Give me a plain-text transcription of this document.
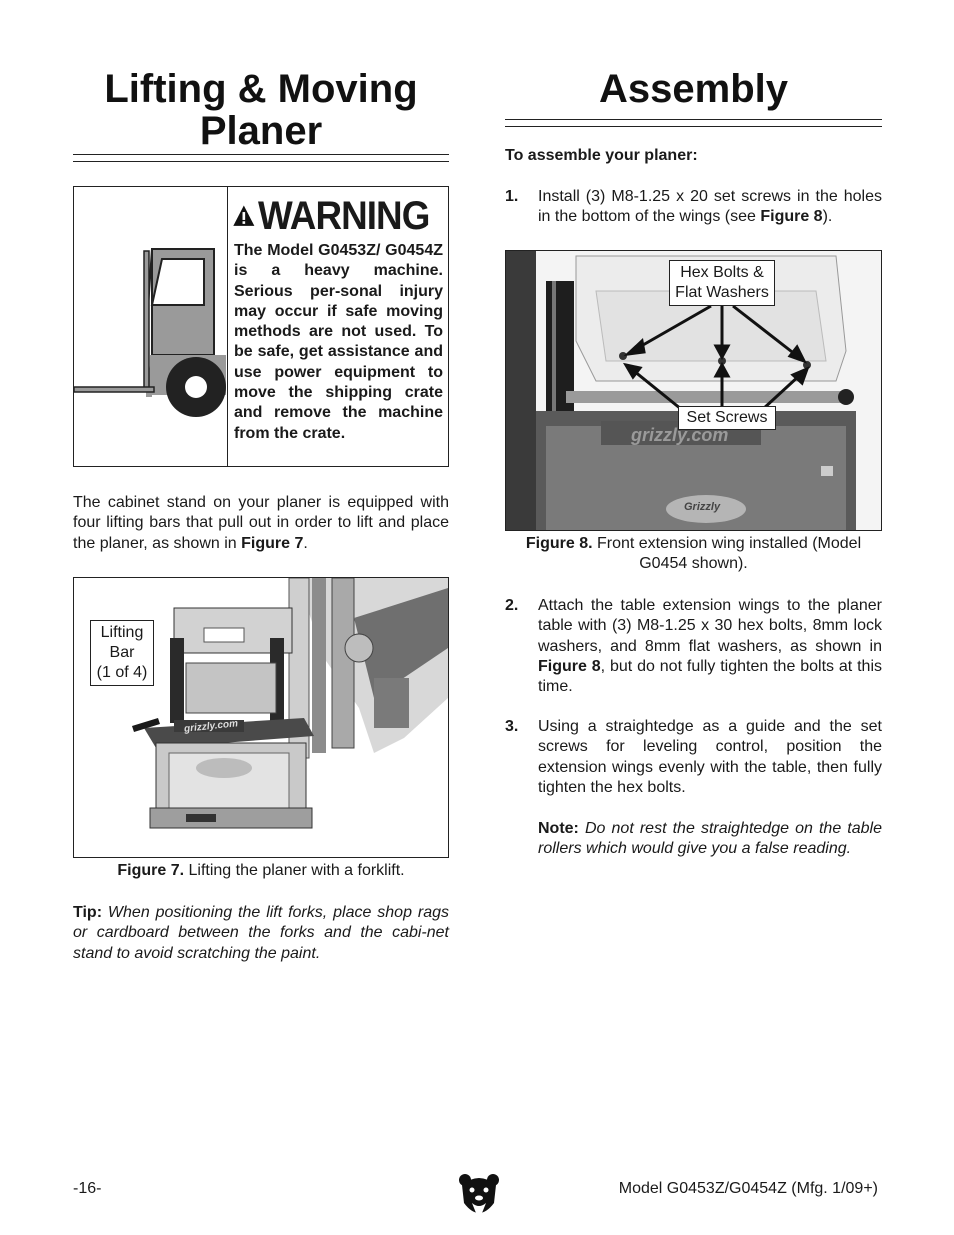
Lifting & Moving
Planer
WARNING

The Model G0453Z/ G0454Z is a heavy machine. Serious per-sonal injury may occur if safe moving methods are not used. To be safe, get assistance and use power equipment to move the shipping crate and remove the machine from the crate.

The cabinet stand on your planer is equipped with four lifting bars that pull out in order to lift and place the planer, as shown in Figure 7.

Lifting
Bar
(1 of 4)
grizzly.com

Figure 7. Lifting the planer with a forklift.

Tip: When positioning the lift forks, place shop rags or cardboard between the forks and the cabi-net stand to avoid scratching the paint.

Assembly

To assemble your planer:

1. Install (3) M8-1.25 x 20 set screws in the holes in the bottom of the wings (see Figure 8).

Hex Bolts &
Flat Washers
Set Screws
grizzly.com
Grizzly

Figure 8. Front extension wing installed (Model G0454 shown).

2. Attach the table extension wings to the planer table with (3) M8-1.25 x 30 hex bolts, 8mm lock washers, and 8mm flat washers, as shown in Figure 8, but do not fully tighten the bolts at this time.

3. Using a straightedge as a guide and the set screws for leveling control, position the extension wings evenly with the table, then fully tighten the hex bolts.

Note: Do not rest the straightedge on the table rollers which would give you a false reading.

-16-	Model G0453Z/G0454Z (Mfg. 1/09+)
